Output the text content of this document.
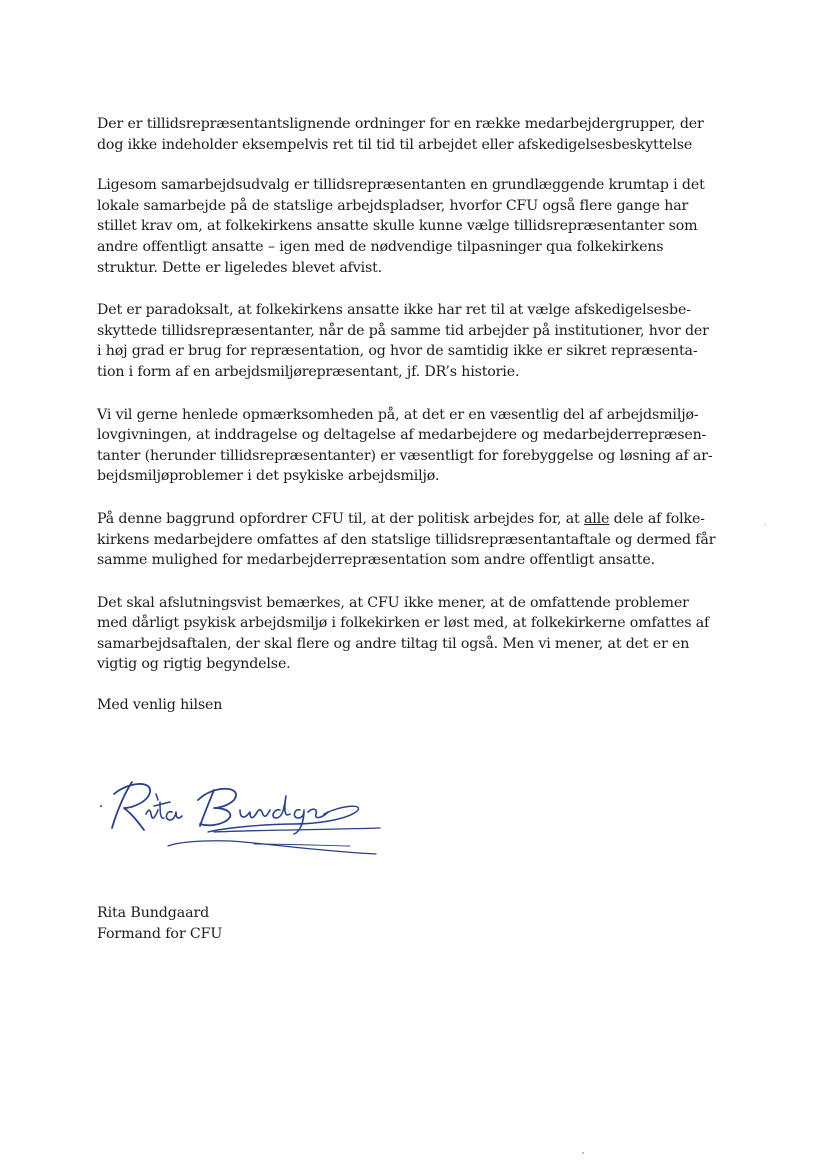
Der er tillidsrepræsentantslignende ordninger for en række medarbejdergrupper, der
dog ikke indeholder eksempelvis ret til tid til arbejdet eller afskedigelsesbeskyttelse

Ligesom samarbejdsudvalg er tillidsrepræsentanten en grundlæggende krumtap i det
lokale samarbejde på de statslige arbejdspladser, hvorfor CFU også flere gange har
stillet krav om, at folkekirkens ansatte skulle kunne vælge tillidsrepræsentanter som
andre offentligt ansatte – igen med de nødvendige tilpasninger qua folkekirkens
struktur. Dette er ligeledes blevet afvist.

Det er paradoksalt, at folkekirkens ansatte ikke har ret til at vælge afskedigelsesbe-
skyttede tillidsrepræsentanter, når de på samme tid arbejder på institutioner, hvor der
i høj grad er brug for repræsentation, og hvor de samtidig ikke er sikret repræsenta-
tion i form af en arbejdsmiljørepræsentant, jf. DR’s historie.

Vi vil gerne henlede opmærksomheden på, at det er en væsentlig del af arbejdsmiljø-
lovgivningen, at inddragelse og deltagelse af medarbejdere og medarbejderrepræsen-
tanter (herunder tillidsrepræsentanter) er væsentligt for forebyggelse og løsning af ar-
bejdsmiljøproblemer i det psykiske arbejdsmiljø.

På denne baggrund opfordrer CFU til, at der politisk arbejdes for, at alle dele af folke-
kirkens medarbejdere omfattes af den statslige tillidsrepræsentantaftale og dermed får
samme mulighed for medarbejderrepræsentation som andre offentligt ansatte.

Det skal afslutningsvist bemærkes, at CFU ikke mener, at de omfattende problemer
med dårligt psykisk arbejdsmiljø i folkekirken er løst med, at folkekirkerne omfattes af
samarbejdsaftalen, der skal flere og andre tiltag til også. Men vi mener, at det er en
vigtig og rigtig begyndelse.

Med venlig hilsen

Rita Bundgaard
Formand for CFU
